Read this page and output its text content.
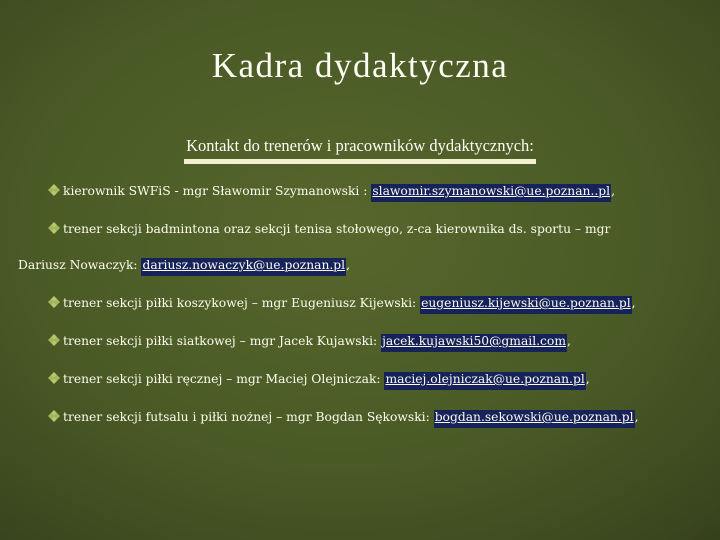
Kadra dydaktyczna
Kontakt do trenerów i pracowników dydaktycznych:
kierownik SWFiS - mgr Sławomir Szymanowski : slawomir.szymanowski@ue.poznan..pl,
trener sekcji badmintona oraz sekcji tenisa stołowego, z-ca kierownika ds. sportu – mgr
Dariusz Nowaczyk: dariusz.nowaczyk@ue.poznan.pl,
trener sekcji piłki koszykowej – mgr Eugeniusz Kijewski: eugeniusz.kijewski@ue.poznan.pl,
trener sekcji piłki siatkowej – mgr Jacek Kujawski: jacek.kujawski50@gmail.com,
trener sekcji piłki ręcznej – mgr Maciej Olejniczak: maciej.olejniczak@ue.poznan.pl,
trener sekcji futsalu i piłki nożnej – mgr Bogdan Sękowski: bogdan.sekowski@ue.poznan.pl,
